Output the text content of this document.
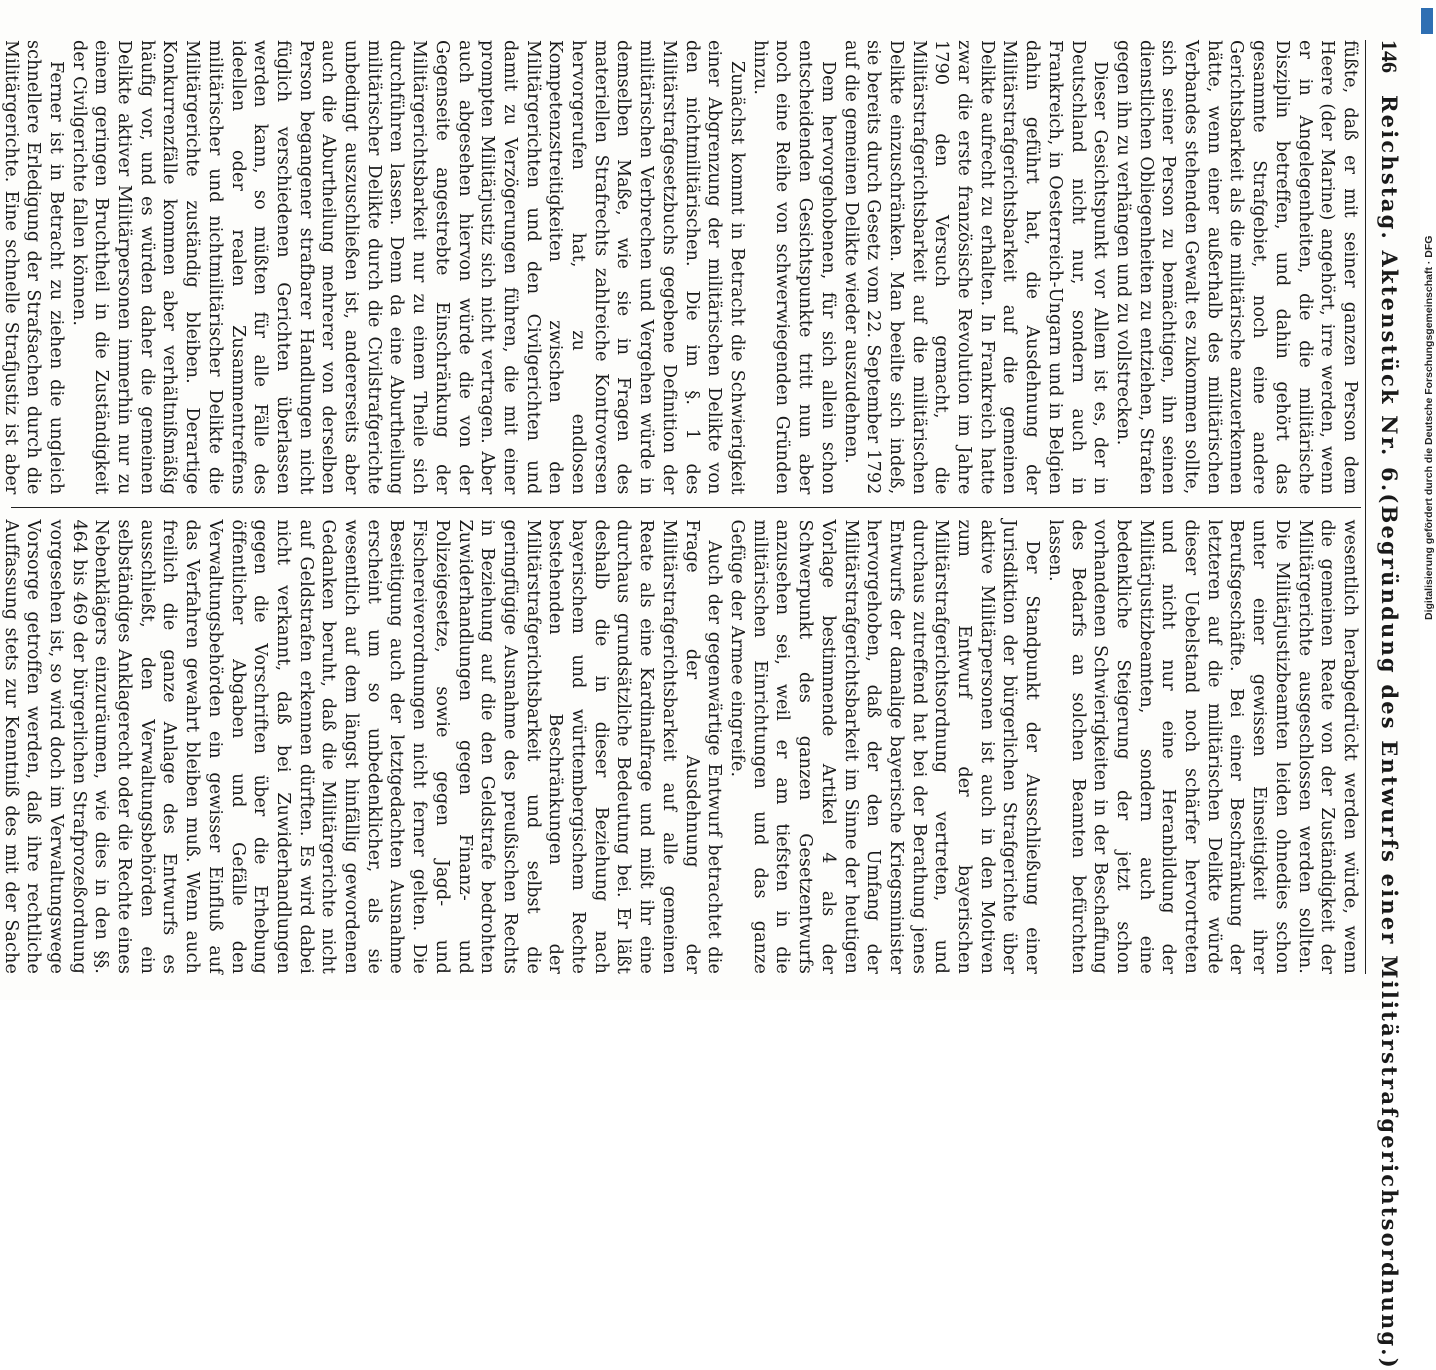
146
Reichstag. Aktenstück Nr. 6.
(Begründung des Entwurfs einer Militärstrafgerichtsordnung.)

füßte, daß er mit seiner ganzen Person dem Heere (der Marine) angehört, irre werden, wenn er in Angelegenheiten, die die militärische Disziplin betreffen, und dahin gehört das gesammte Strafgebiet, noch eine andere Gerichtsbarkeit als die militärische anzuerkennen hätte, wenn einer außerhalb des militärischen Verbandes stehenden Gewalt es zukommen sollte, sich seiner Person zu bemächtigen, ihn seinen dienstlichen Obliegenheiten zu entziehen, Strafen gegen ihn zu verhängen und zu vollstrecken.

Dieser Gesichtspunkt vor Allem ist es, der in Deutschland nicht nur, sondern auch in Frankreich, in Oesterreich-Ungarn und in Belgien dahin geführt hat, die Ausdehnung der Militärstrafgerichtsbarkeit auf die gemeinen Delikte aufrecht zu erhalten. In Frankreich hatte zwar die erste französische Revolution im Jahre 1790 den Versuch gemacht, die Militärstrafgerichtsbarkeit auf die militärischen Delikte einzuschränken. Man beeilte sich indeß, sie bereits durch Gesetz vom 22. September 1792 auf die gemeinen Delikte wieder auszudehnen.

Dem hervorgehobenen, für sich allein schon entscheidenden Gesichtspunkte tritt nun aber noch eine Reihe von schwerwiegenden Gründen hinzu.

Zunächst kommt in Betracht die Schwierigkeit einer Abgrenzung der militärischen Delikte von den nichtmilitärischen. Die im §. 1 des Militärstrafgesetzbuchs gegebene Definition der militärischen Verbrechen und Vergehen würde in demselben Maße, wie sie in Fragen des materiellen Strafrechts zahlreiche Kontroversen hervorgerufen hat, zu endlosen Kompetenzstreitigkeiten zwischen den Militärgerichten und den Civilgerichten und damit zu Verzögerungen führen, die mit einer prompten Militärjustiz sich nicht vertragen. Aber auch abgesehen hiervon würde die von der Gegenseite angestrebte Einschränkung der Militärgerichtsbarkeit nur zu einem Theile sich durchführen lassen. Denn da eine Aburtheilung militärischer Delikte durch die Civilstrafgerichte unbedingt auszuschließen ist, andererseits aber auch die Aburtheilung mehrerer von derselben Person begangener strafbarer Handlungen nicht füglich verschiedenen Gerichten überlassen werden kann, so müßten für alle Fälle des ideellen oder realen Zusammentreffens militärischer und nichtmilitärischer Delikte die Militärgerichte zuständig bleiben. Derartige Konkurrenzfälle kommen aber verhältnißmäßig häufig vor, und es würden daher die gemeinen Delikte aktiver Militärpersonen immerhin nur zu einem geringen Bruchtheil in die Zuständigkeit der Civilgerichte fallen können.

Ferner ist in Betracht zu ziehen die ungleich schnellere Erledigung der Strafsachen durch die Militärgerichte. Eine schnelle Strafjustiz ist aber

wesentlich herabgedrückt werden würde, wenn die gemeinen Reate von der Zuständigkeit der Militärgerichte ausgeschlossen werden sollten. Die Militärjustizbeamten leiden ohnedies schon unter einer gewissen Einseitigkeit ihrer Berufsgeschäfte. Bei einer Beschränkung der letzteren auf die militärischen Delikte würde dieser Uebelstand noch schärfer hervortreten und nicht nur eine Heranbildung der Militärjustizbeamten, sondern auch eine bedenkliche Steigerung der jetzt schon vorhandenen Schwierigkeiten in der Beschaffung des Bedarfs an solchen Beamten befürchten lassen.

Der Standpunkt der Ausschließung einer Jurisdiktion der bürgerlichen Strafgerichte über aktive Militärpersonen ist auch in den Motiven zum Entwurf der bayerischen Militärstrafgerichtsordnung vertreten, und durchaus zutreffend hat bei der Berathung jenes Entwurfs der damalige bayerische Kriegsminister hervorgehoben, daß der den Umfang der Militärstrafgerichtsbarkeit im Sinne der heutigen Vorlage bestimmende Artikel 4 als der Schwerpunkt des ganzen Gesetzentwurfs anzusehen sei, weil er am tiefsten in die militärischen Einrichtungen und das ganze Gefüge der Armee eingreife.

Auch der gegenwärtige Entwurf betrachtet die Frage der Ausdehnung der Militärstrafgerichtsbarkeit auf alle gemeinen Reate als eine Kardinalfrage und mißt ihr eine durchaus grundsätzliche Bedeutung bei. Er läßt deshalb die in dieser Beziehung nach bayerischem und württembergischem Rechte bestehenden Beschränkungen der Militärstrafgerichtsbarkeit und selbst die geringfügige Ausnahme des preußischen Rechts in Beziehung auf die den Geldstrafe bedrohten Zuwiderhandlungen gegen Finanz- und Polizeigesetze, sowie gegen Jagd- und Fischereiverordnungen nicht ferner gelten. Die Beseitigung auch der letztgedachten Ausnahme erscheint um so unbedenklicher, als sie wesentlich auf dem längst hinfällig gewordenen Gedanken beruht, daß die Militärgerichte nicht auf Geldstrafen erkennen dürften. Es wird dabei nicht verkannt, daß bei Zuwiderhandlungen gegen die Vorschriften über die Erhebung öffentlicher Abgaben und Gefälle den Verwaltungsbehörden ein gewisser Einfluß auf das Verfahren gewahrt bleiben muß. Wenn auch freilich die ganze Anlage des Entwurfs es ausschließt, den Verwaltungsbehörden ein selbständiges Anklagerecht oder die Rechte eines Nebenklägers einzuräumen, wie dies in den §§. 464 bis 469 der bürgerlichen Strafprozeßordnung vorgesehen ist, so wird doch im Verwaltungswege Vorsorge getroffen werden, daß ihre rechtliche Auffassung stets zur Kenntniß des mit der Sache

Digitalisierung gefördert durch die Deutsche Forschungsgemeinschaft · DFG
